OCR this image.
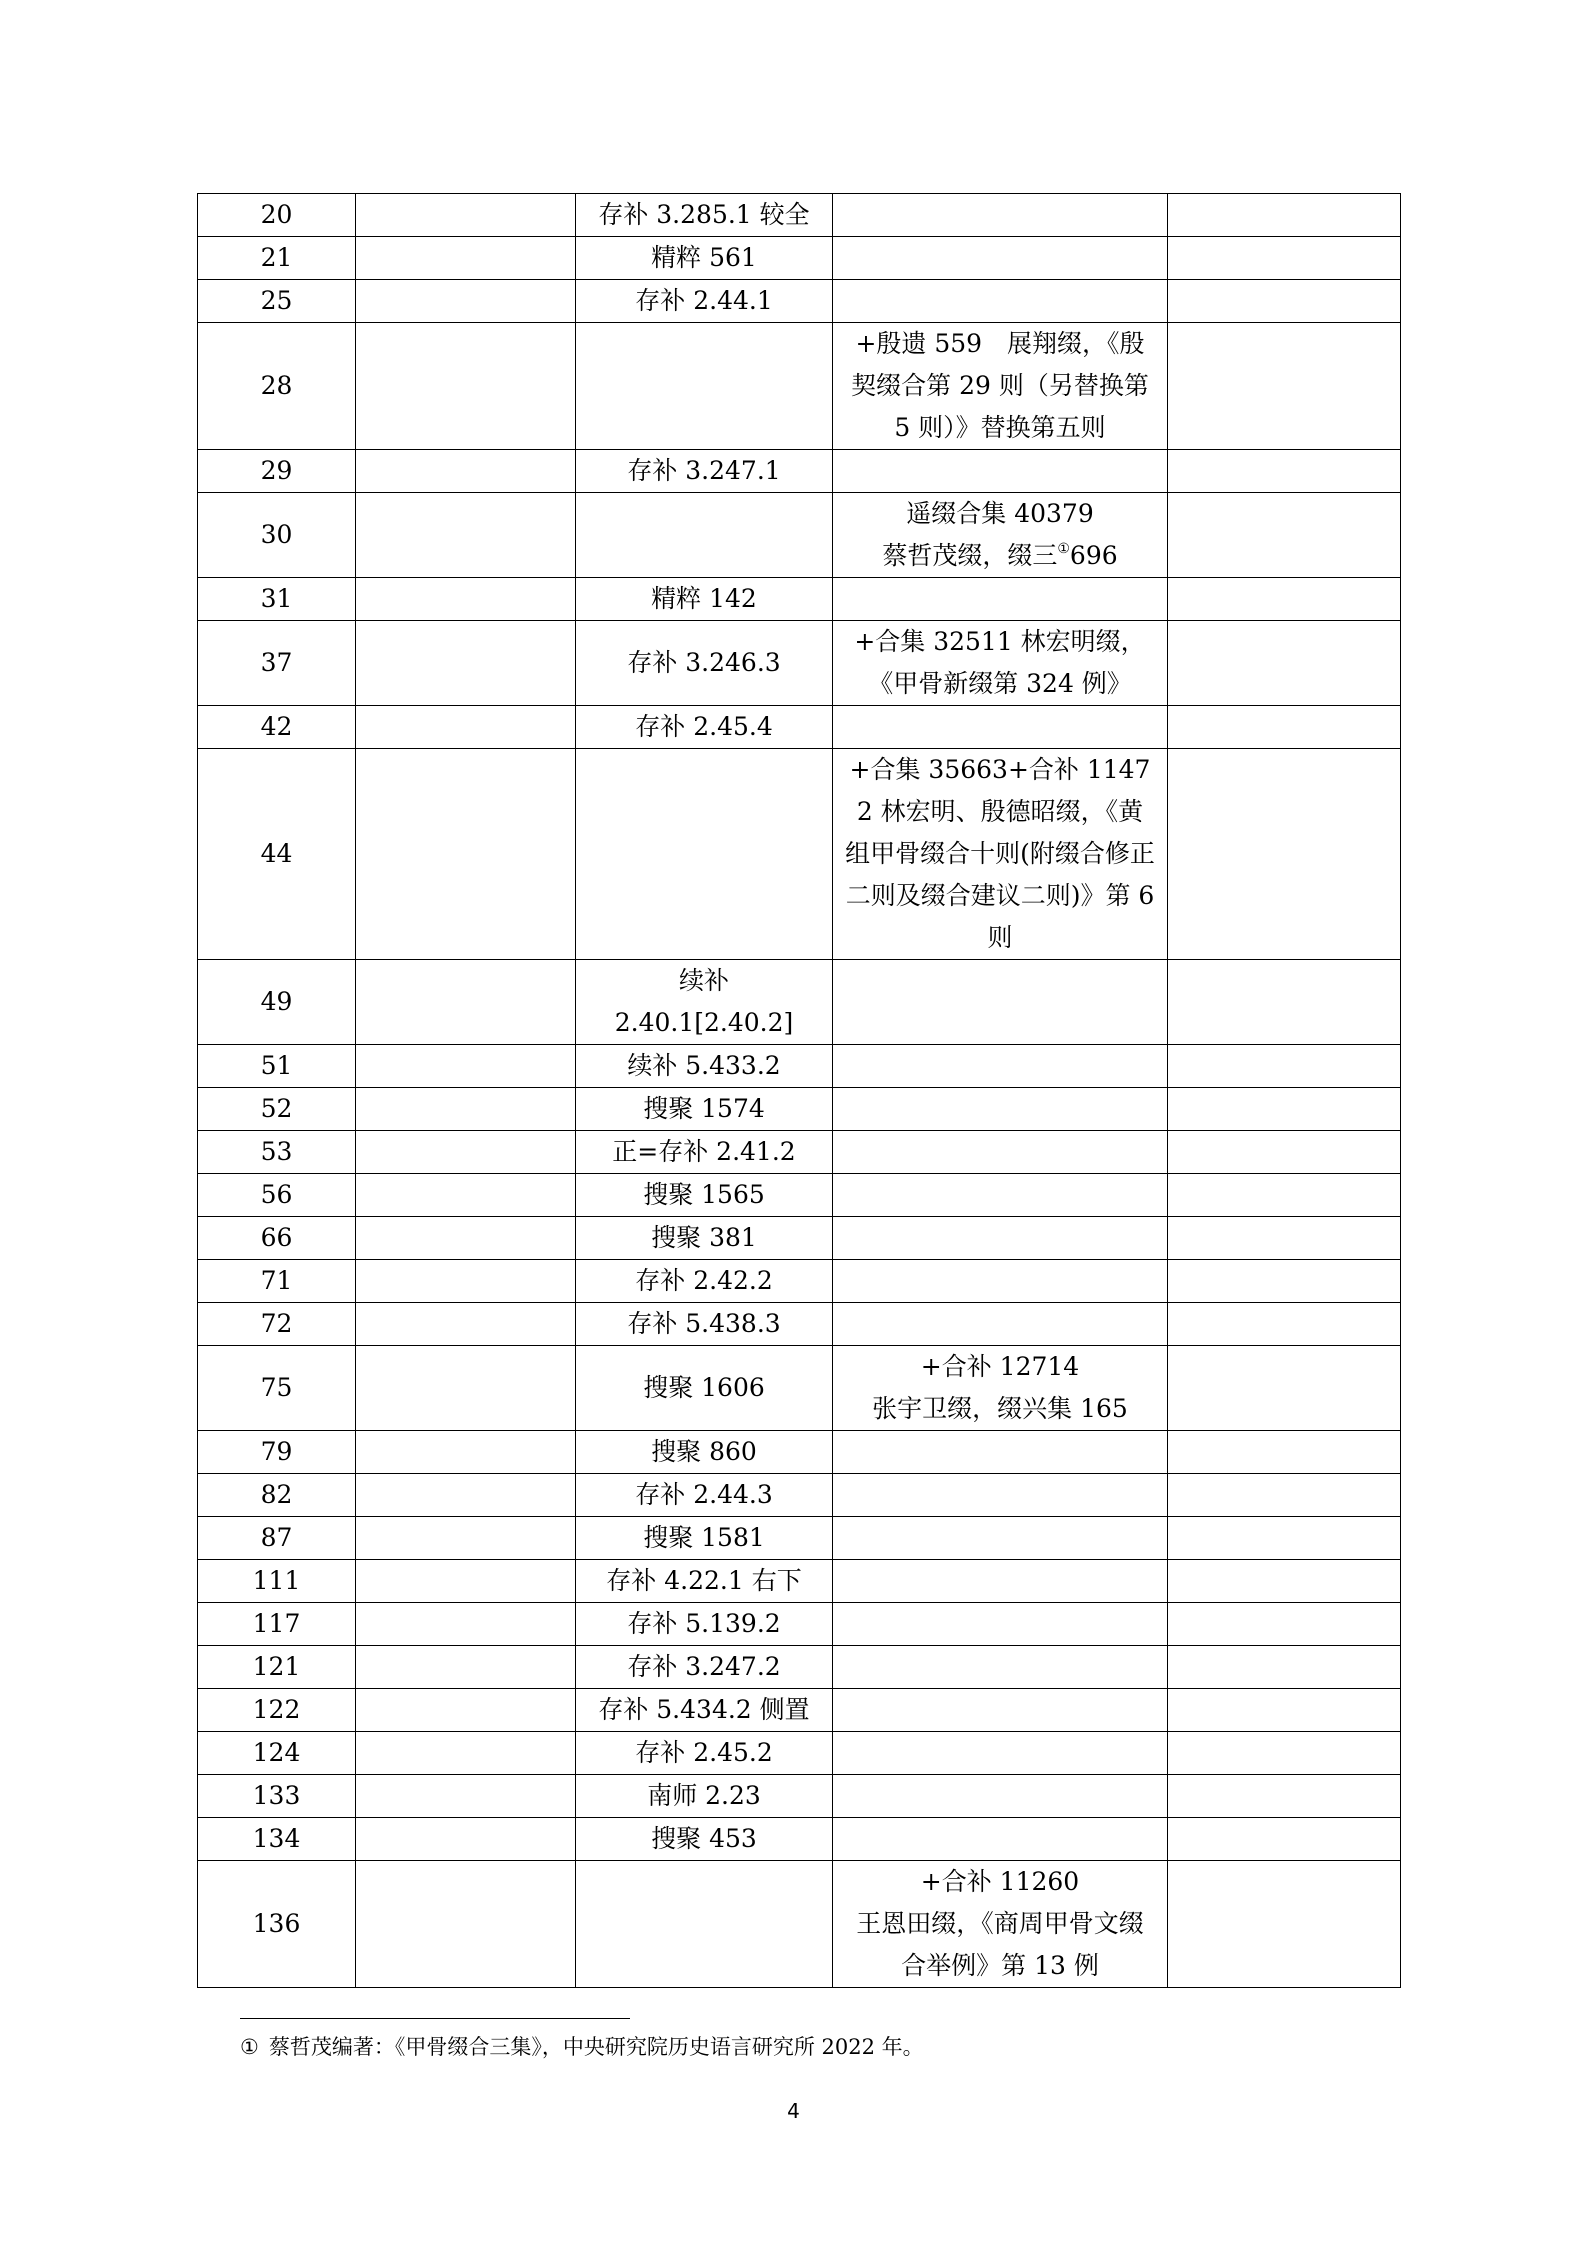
20		存补 3.285.1 较全		
21		精粹 561		
25		存补 2.44.1		
28			+殷遗 559　展翔缀，《殷契缀合第 29 则（另替换第 5 则）》替换第五则	
29		存补 3.247.1		
30			遥缀合集 40379
蔡哲茂缀，缀三①696	
31		精粹 142		
37		存补 3.246.3	+合集 32511 林宏明缀，《甲骨新缀第 324 例》	
42		存补 2.45.4		
44			+合集 35663+合补 11472 林宏明、殷德昭缀，《黄组甲骨缀合十则(附缀合修正二则及缀合建议二则)》第 6 则	
49		续补
2.40.1[2.40.2]		
51		续补 5.433.2		
52		搜聚 1574		
53		正=存补 2.41.2		
56		搜聚 1565		
66		搜聚 381		
71		存补 2.42.2		
72		存补 5.438.3		
75		搜聚 1606	+合补 12714
张宇卫缀，缀兴集 165	
79		搜聚 860		
82		存补 2.44.3		
87		搜聚 1581		
111		存补 4.22.1 右下		
117		存补 5.139.2		
121		存补 3.247.2		
122		存补 5.434.2 侧置		
124		存补 2.45.2		
133		南师 2.23		
134		搜聚 453		
136			+合补 11260
王恩田缀，《商周甲骨文缀合举例》第 13 例	
① 蔡哲茂编著：《甲骨缀合三集》，中央研究院历史语言研究所 2022 年。
4
